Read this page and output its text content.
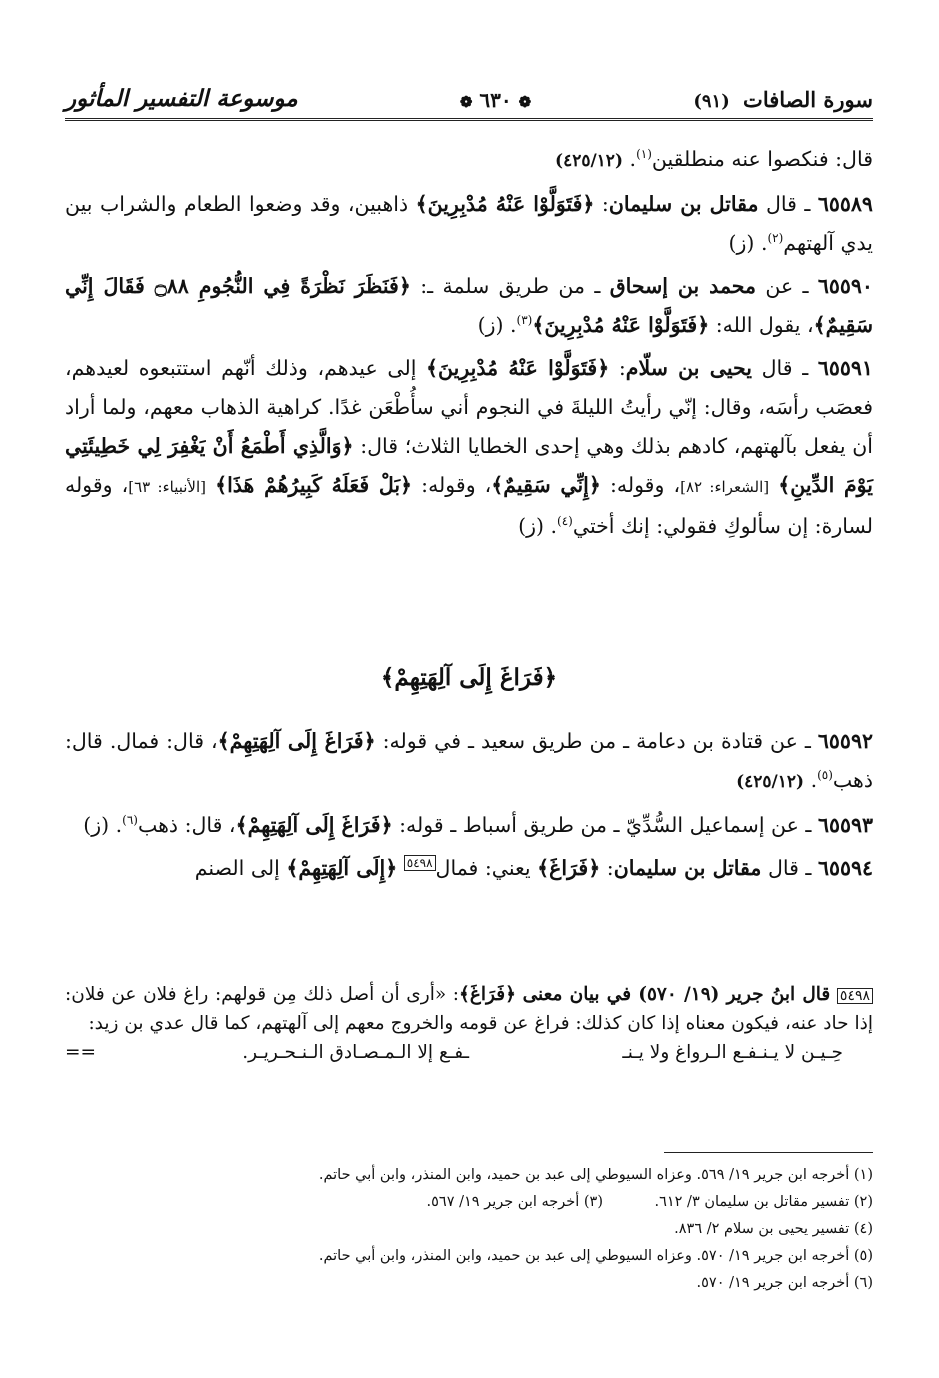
سورة الصافات (٩١)
❁ ٦٣٠ ❁
موسوعة التفسير المأثور

قال: فنكصوا عنه منطلقين$^{(١)}$. (٤٢٥/١٢)

٦٥٥٨٩ ـ قال مقاتل بن سليمان: ﴿فَتَوَلَّوْا عَنْهُ مُدْبِرِينَ﴾ ذاهبين، وقد وضعوا الطعام والشراب بين يدي آلهتهم$^{(٢)}$. (ز)

٦٥٥٩٠ ـ عن محمد بن إسحاق ـ من طريق سلمة ـ: ﴿فَنَظَرَ نَظْرَةً فِي النُّجُومِ ۝٨٨ فَقَالَ إِنِّي سَقِيمٌ﴾، يقول الله: ﴿فَتَوَلَّوْا عَنْهُ مُدْبِرِينَ﴾$^{(٣)}$. (ز)

٦٥٥٩١ ـ قال يحيى بن سلّام: ﴿فَتَوَلَّوْا عَنْهُ مُدْبِرِينَ﴾ إلى عيدهم، وذلك أنّهم استتبعوه لعيدهم، فعصَب رأسَه، وقال: إنّي رأيتُ الليلةَ في النجوم أني سأُطْعَن غدًا. كراهية الذهاب معهم، ولما أراد أن يفعل بآلهتهم، كادهم بذلك وهي إحدى الخطايا الثلاث؛ قال: ﴿وَالَّذِي أَطْمَعُ أَنْ يَغْفِرَ لِي خَطِيئَتِي يَوْمَ الدِّينِ﴾ [الشعراء: ٨٢]، وقوله: ﴿إِنِّي سَقِيمٌ﴾، وقوله: ﴿بَلْ فَعَلَهُ كَبِيرُهُمْ هَذَا﴾ [الأنبياء: ٦٣]، وقوله لسارة: إن سألوكِ فقولي: إنك أختي$^{(٤)}$. (ز)

﴿فَرَاغَ إِلَى آلِهَتِهِمْ﴾

٦٥٥٩٢ ـ عن قتادة بن دعامة ـ من طريق سعيد ـ في قوله: ﴿فَرَاغَ إِلَى آلِهَتِهِمْ﴾، قال: فمال. قال: ذهب$^{(٥)}$. (٤٢٥/١٢)

٦٥٥٩٣ ـ عن إسماعيل السُّدِّيّ ـ من طريق أسباط ـ قوله: ﴿فَرَاغَ إِلَى آلِهَتِهِمْ﴾، قال: ذهب$^{(٦)}$. (ز)

٦٥٥٩٤ ـ قال مقاتل بن سليمان: ﴿فَرَاغَ﴾ يعني: فمال٥٤٩٨ ﴿إِلَى آلِهَتِهِمْ﴾ إلى الصنم

٥٤٩٨ قال ابنُ جرير (١٩/ ٥٧٠) في بيان معنى ﴿فَرَاغَ﴾: «أرى أن أصل ذلك مِن قولهم: راغ فلان عن فلان: إذا حاد عنه، فيكون معناه إذا كان كذلك: فراغ عن قومه والخروج معهم إلى آلهتهم، كما قال عدي بن زيد:

حِـيـن لا يـنـفـع الـرواغ ولا يـنـ
ـفـع إلا الـمـصـادق الـنـحـريـر.
==
(١) أخرجه ابن جرير ١٩/ ٥٦٩. وعزاه السيوطي إلى عبد بن حميد، وابن المنذر، وابن أبي حاتم.
(٢) تفسير مقاتل بن سليمان ٣/ ٦١٢.
(٣) أخرجه ابن جرير ١٩/ ٥٦٧.
(٤) تفسير يحيى بن سلام ٢/ ٨٣٦.
(٥) أخرجه ابن جرير ١٩/ ٥٧٠. وعزاه السيوطي إلى عبد بن حميد، وابن المنذر، وابن أبي حاتم.
(٦) أخرجه ابن جرير ١٩/ ٥٧٠.
